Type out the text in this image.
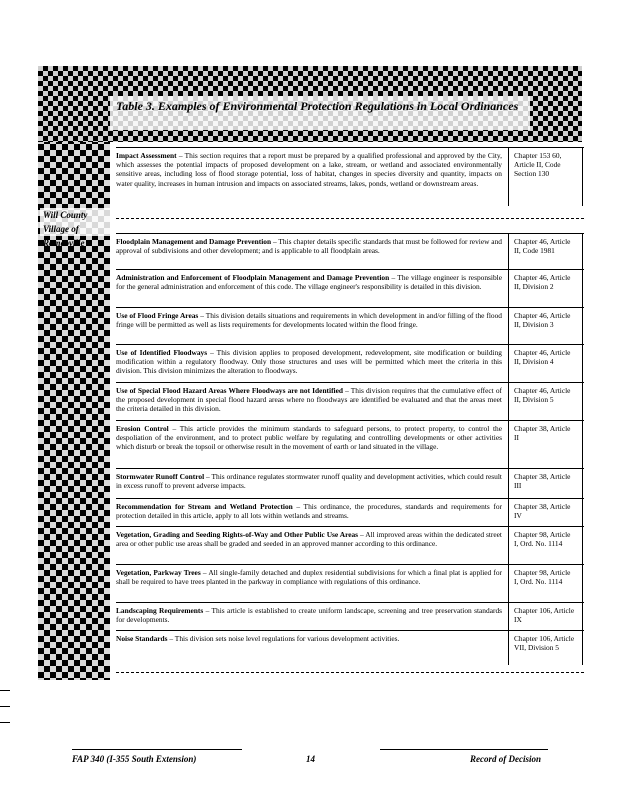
Table 3. Examples of Environmental Protection Regulations in Local Ordinances
Will County
Village of Romeoville
Impact Assessment – This section requires that a report must be prepared by a qualified professional and approved by the City, which assesses the potential impacts of proposed development on a lake, stream, or wetland and associated environmentally sensitive areas, including loss of flood storage potential, loss of habitat, changes in species diversity and quantity, impacts on water quality, increases in human intrusion and impacts on associated streams, lakes, ponds, wetland or downstream areas.
Chapter 153 60, Article II, Code Section 130
Floodplain Management and Damage Prevention – This chapter details specific standards that must be followed for review and approval of subdivisions and other development; and is applicable to all floodplain areas.
Chapter 46, Article II, Code 1981
Administration and Enforcement of Floodplain Management and Damage Prevention – The village engineer is responsible for the general administration and enforcement of this code. The village engineer's responsibility is detailed in this division.
Chapter 46, Article II, Division 2
Use of Flood Fringe Areas – This division details situations and requirements in which development in and/or filling of the flood fringe will be permitted as well as lists requirements for developments located within the flood fringe.
Chapter 46, Article II, Division 3
Use of Identified Floodways – This division applies to proposed development, redevelopment, site modification or building modification within a regulatory floodway. Only those structures and uses will be permitted which meet the criteria in this division. This division minimizes the alteration to floodways.
Chapter 46, Article II, Division 4
Use of Special Flood Hazard Areas Where Floodways are not Identified – This division requires that the cumulative effect of the proposed development in special flood hazard areas where no floodways are identified be evaluated and that the areas meet the criteria detailed in this division.
Chapter 46, Article II, Division 5
Erosion Control – This article provides the minimum standards to safeguard persons, to protect property, to control the despoliation of the environment, and to protect public welfare by regulating and controlling developments or other activities which disturb or break the topsoil or otherwise result in the movement of earth or land situated in the village.
Chapter 38, Article II
Stormwater Runoff Control – This ordinance regulates stormwater runoff quality and development activities, which could result in excess runoff to prevent adverse impacts.
Chapter 38, Article III
Recommendation for Stream and Wetland Protection – This ordinance, the procedures, standards and requirements for protection detailed in this article, apply to all lots within wetlands and streams.
Chapter 38, Article IV
Vegetation, Grading and Seeding Rights-of-Way and Other Public Use Areas – All improved areas within the dedicated street area or other public use areas shall be graded and seeded in an approved manner according to this ordinance.
Chapter 98, Article I, Ord. No. 1114
Vegetation, Parkway Trees – All single-family detached and duplex residential subdivisions for which a final plat is applied for shall be required to have trees planted in the parkway in compliance with regulations of this ordinance.
Chapter 98, Article I, Ord. No. 1114
Landscaping Requirements – This article is established to create uniform landscape, screening and tree preservation standards for developments.
Chapter 106, Article IX
Noise Standards – This division sets noise level regulations for various development activities.	Chapter 106, Article VII, Division 5
FAP 340 (I-355 South Extension)	14	Record of Decision
